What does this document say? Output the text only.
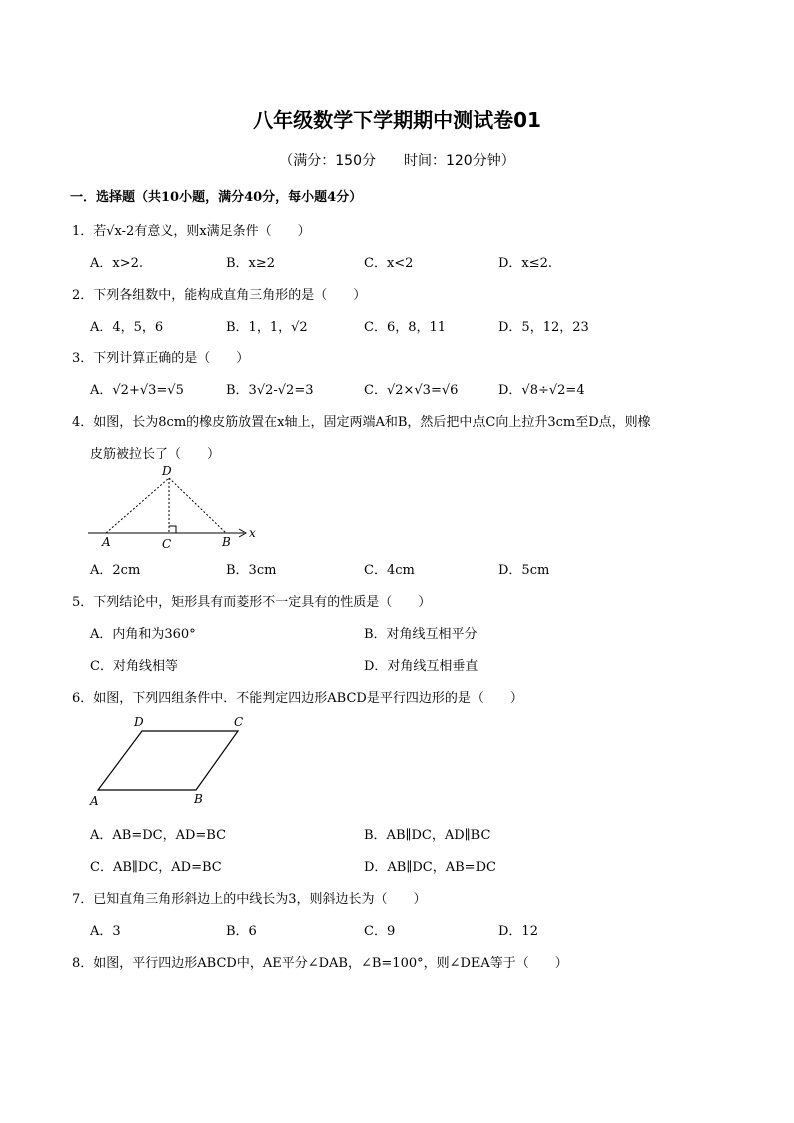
八年级数学下学期期中测试卷01
（满分：150分　　时间：120分钟）
一．选择题（共10小题，满分40分，每小题4分）
1．若√x-2有意义，则x满足条件（　　）
A．x>2.	B．x≥2	C．x<2	D．x≤2.
2．下列各组数中，能构成直角三角形的是（　　）
A．4，5，6	B．1，1，√2	C．6，8，11	D．5，12，23
3．下列计算正确的是（　　）
A．√2+√3=√5	B．3√2-√2=3	C．√2×√3=√6	D．√8÷√2=4
4．如图，长为8cm的橡皮筋放置在x轴上，固定两端A和B，然后把中点C向上拉升3cm至D点，则橡
皮筋被拉长了（　　）
D
A	C	B
x
A．2cm	B．3cm	C．4cm	D．5cm
5．下列结论中，矩形具有而菱形不一定具有的性质是（　　）
A．内角和为360°	B．对角线互相平分
C．对角线相等	D．对角线互相垂直
6．如图，下列四组条件中．不能判定四边形ABCD是平行四边形的是（　　）
D	C
A	B
A．AB=DC，AD=BC	B．AB∥DC，AD∥BC
C．AB∥DC，AD=BC	D．AB∥DC，AB=DC
7．已知直角三角形斜边上的中线长为3，则斜边长为（　　）
A．3	B．6	C．9	D．12
8．如图，平行四边形ABCD中，AE平分∠DAB，∠B=100°，则∠DEA等于（　　）
